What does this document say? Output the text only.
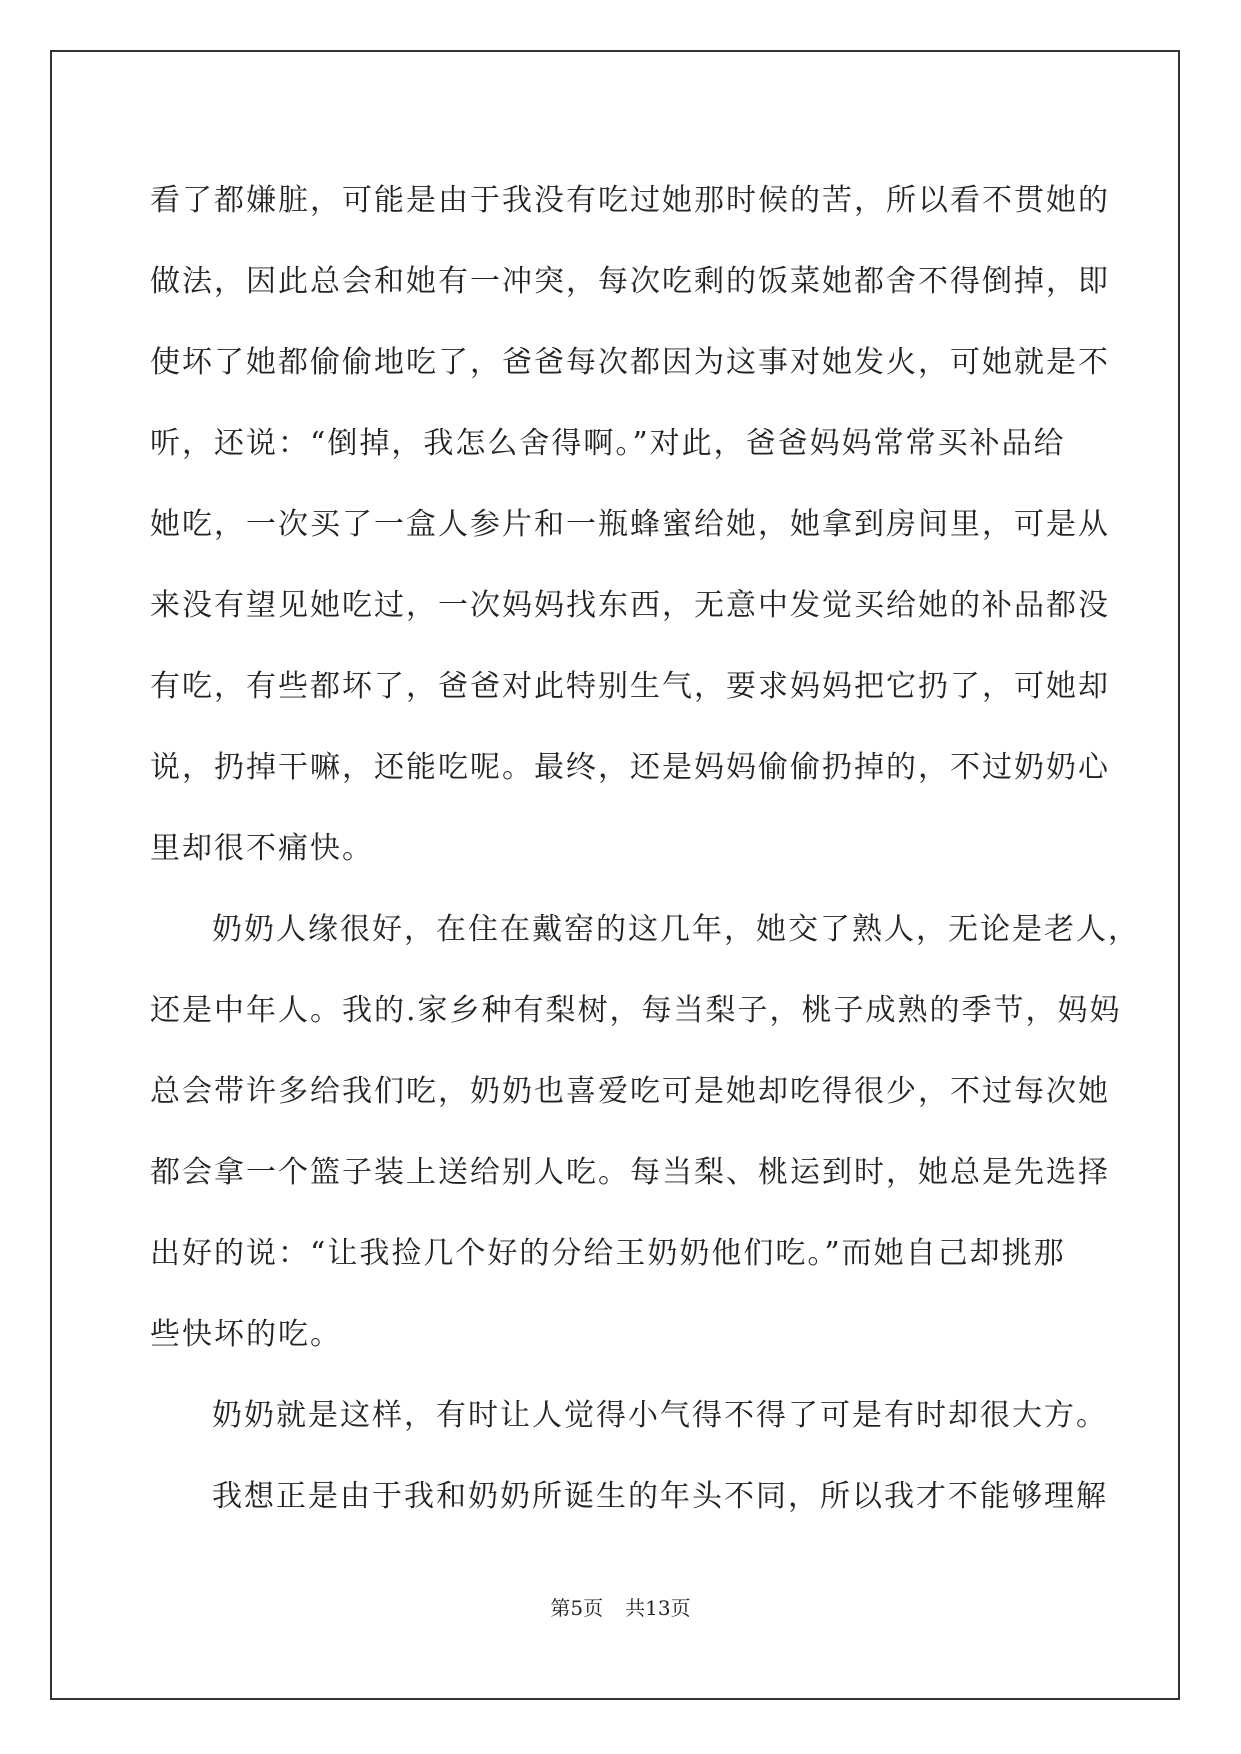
看了都嫌脏，可能是由于我没有吃过她那时候的苦，所以看不贯她的
做法，因此总会和她有一冲突，每次吃剩的饭菜她都舍不得倒掉，即
使坏了她都偷偷地吃了，爸爸每次都因为这事对她发火，可她就是不
听，还说：“倒掉，我怎么舍得啊。”对此，爸爸妈妈常常买补品给
她吃，一次买了一盒人参片和一瓶蜂蜜给她，她拿到房间里，可是从
来没有望见她吃过，一次妈妈找东西，无意中发觉买给她的补品都没
有吃，有些都坏了，爸爸对此特别生气，要求妈妈把它扔了，可她却
说，扔掉干嘛，还能吃呢。最终，还是妈妈偷偷扔掉的，不过奶奶心
里却很不痛快。
奶奶人缘很好，在住在戴窑的这几年，她交了熟人，无论是老人，
还是中年人。我的.家乡种有梨树，每当梨子，桃子成熟的季节，妈妈
总会带许多给我们吃，奶奶也喜爱吃可是她却吃得很少，不过每次她
都会拿一个篮子装上送给别人吃。每当梨、桃运到时，她总是先选择
出好的说：“让我捡几个好的分给王奶奶他们吃。”而她自己却挑那
些快坏的吃。
奶奶就是这样，有时让人觉得小气得不得了可是有时却很大方。
我想正是由于我和奶奶所诞生的年头不同，所以我才不能够理解
第5页 共13页
